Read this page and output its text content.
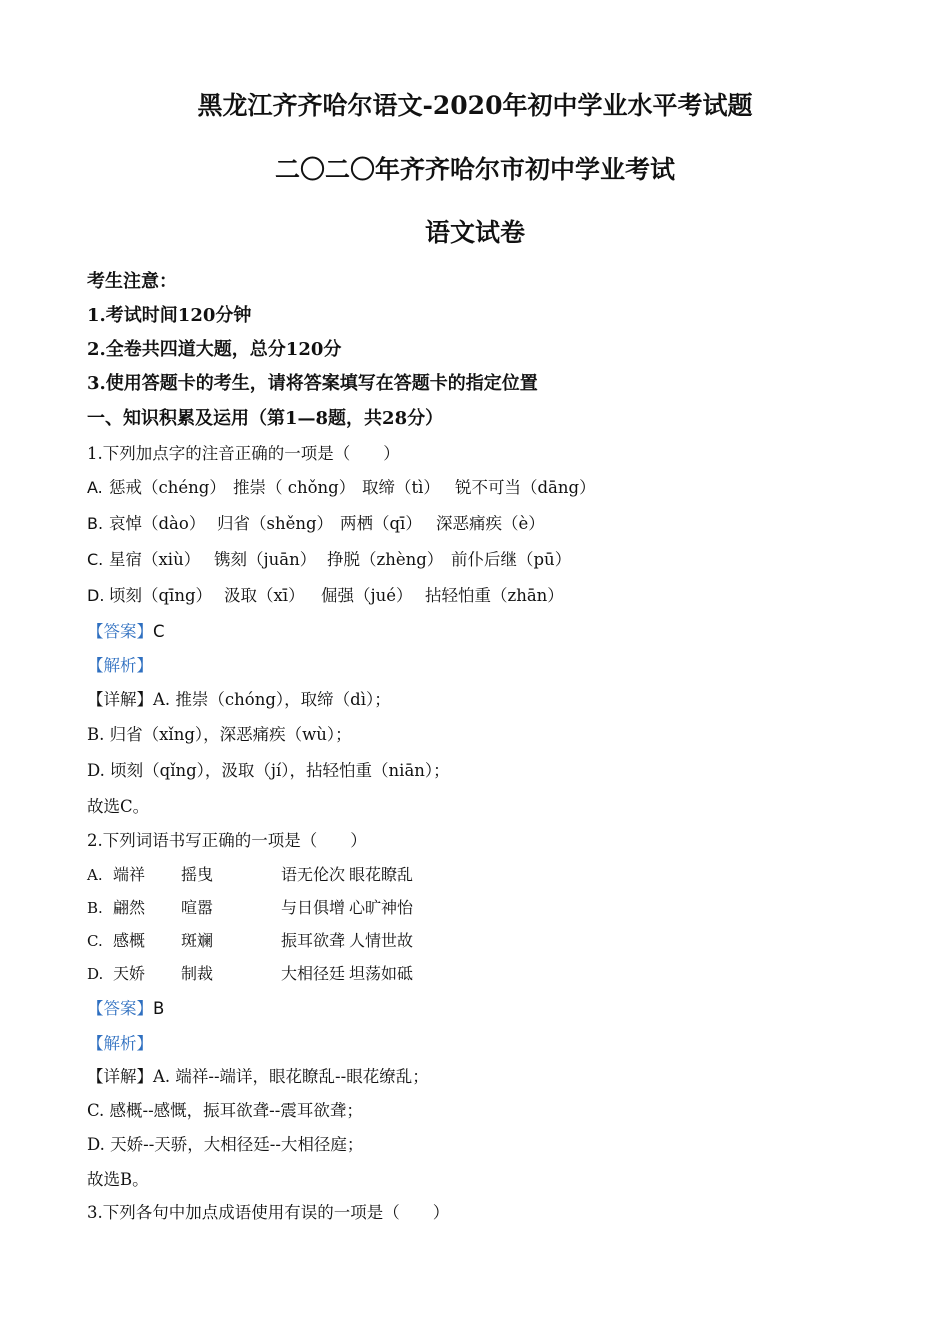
黑龙江齐齐哈尔语文-2020年初中学业水平考试题
二〇二〇年齐齐哈尔市初中学业考试
语文试卷

考生注意：

1.考试时间120分钟

2.全卷共四道大题，总分120分

3.使用答题卡的考生，请将答案填写在答题卡的指定位置

一、知识积累及运用（第1—8题，共28分）

1.下列加点字的注音正确的一项是（　　）

A. 惩戒（chéng） 推崇（ chǒng） 取缔（tì） 锐不可当（dāng）
B. 哀悼（dào） 归省（shěng） 两栖（qī） 深恶痛疾（è）
C. 星宿（xiù） 镌刻（juān） 挣脱（zhèng） 前仆后继（pū）
D. 顷刻（qīng） 汲取（xī） 倔强（jué） 拈轻怕重（zhān）

【答案】C

【解析】

【详解】A. 推崇（chóng），取缔（dì）；

B. 归省（xǐng），深恶痛疾（wù）；

D. 顷刻（qǐng），汲取（jí），拈轻怕重（niān）；

故选C。

2.下列词语书写正确的一项是（　　）

A. 端祥	摇曳	语无伦次 眼花瞭乱
B. 翩然	喧嚣	与日俱增 心旷神怡
C. 感概	斑斓	振耳欲聋 人情世故
D. 天娇	制裁	大相径廷 坦荡如砥

【答案】B

【解析】

【详解】A. 端祥--端详，眼花瞭乱--眼花缭乱；

C. 感概--感慨，振耳欲聋--震耳欲聋；

D. 天娇--天骄，大相径廷--大相径庭；

故选B。

3.下列各句中加点成语使用有误的一项是（　　）
